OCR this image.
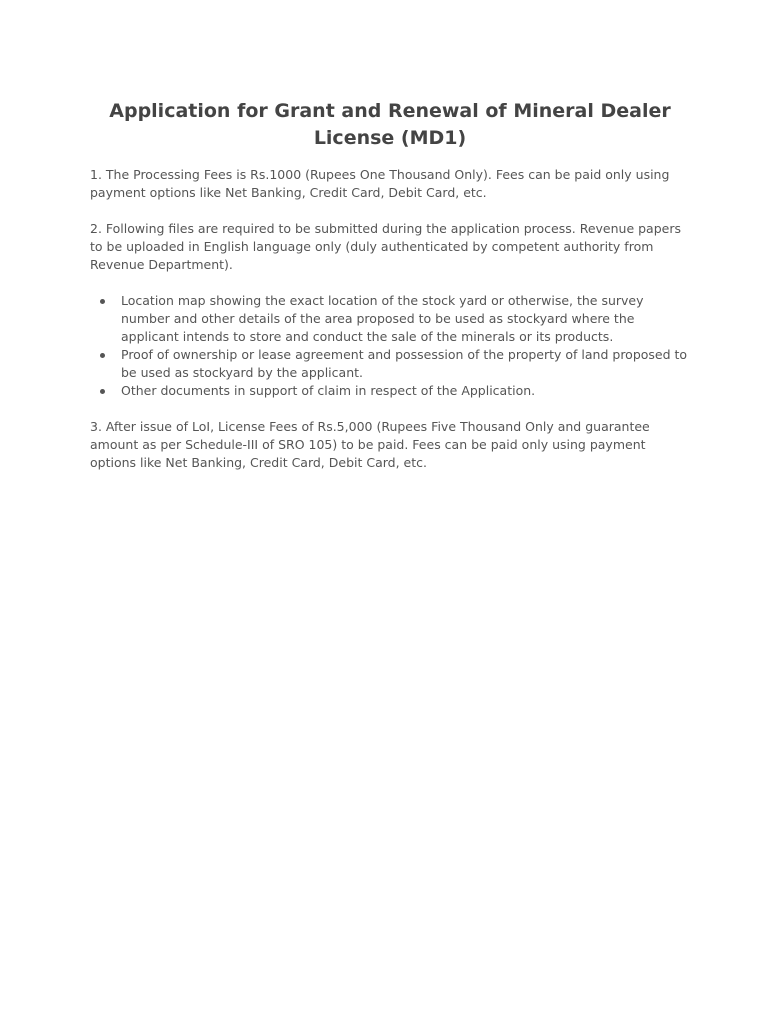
Application for Grant and Renewal of Mineral Dealer License (MD1)

1. The Processing Fees is Rs.1000 (Rupees One Thousand Only). Fees can be paid only using payment options like Net Banking, Credit Card, Debit Card, etc.

2. Following files are required to be submitted during the application process. Revenue papers to be uploaded in English language only (duly authenticated by competent authority from Revenue Department).

Location map showing the exact location of the stock yard or otherwise, the survey number and other details of the area proposed to be used as stockyard where the applicant intends to store and conduct the sale of the minerals or its products.
Proof of ownership or lease agreement and possession of the property of land proposed to be used as stockyard by the applicant.
Other documents in support of claim in respect of the Application.

3. After issue of LoI, License Fees of Rs.5,000 (Rupees Five Thousand Only and guarantee amount as per Schedule-III of SRO 105) to be paid. Fees can be paid only using payment options like Net Banking, Credit Card, Debit Card, etc.
